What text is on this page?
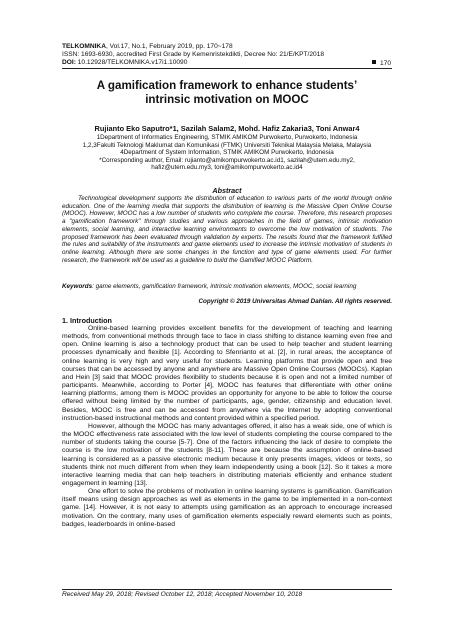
TELKOMNIKA, Vol.17, No.1, February 2019, pp. 170~178
ISSN: 1693-6930, accredited First Grade by Kemenristekdikti, Decree No: 21/E/KPT/2018
DOI: 10.12928/TELKOMNIKA.v17i1.10090	170
A gamification framework to enhance students’
intrinsic motivation on MOOC
Rujianto Eko Saputro*1, Sazilah Salam2, Mohd. Hafiz Zakaria3, Toni Anwar4
1Department of Informatics Engineering, STMIK AMIKOM Purwokerto, Purwokerto, Indonesia
1,2,3Fakulti Teknologi Maklumat dan Komunikasi (FTMK) Universiti Teknikal Malaysia Melaka, Malaysia
4Department of System Information, STMIK AMIKOM Purwokerto, Indonesia
*Corresponding author, Email: rujianto@amikompurwokerto.ac.id1, sazilah@utem.edu.my2,
hafiz@utem.edu.my3, toni@amikompurwokerto.ac.id4
Abstract

Technological development supports the distribution of education to various parts of the world through online education. One of the learning media that supports the distribution of learning is the Massive Open Online Course (MOOC). However, MOOC has a low number of students who complete the course. Therefore, this research proposes a "gamification framework" through studies and various approaches in the field of games, intrinsic motivation elements, social learning, and interactive learning environments to overcome the low motivation of students. The proposed framework has been evaluated through validation by experts. The results found that the framework fulfilled the rules and suitability of the instruments and game elements used to increase the intrinsic motivation of students in online learning. Although there are some changes in the function and type of game elements used. For further research, the framework will be used as a guideline to build the Gamified MOOC Platform.

Keywords: game elements, gamification framework, intrinsic motivation elements, MOOC, social learning
Copyright © 2019 Universitas Ahmad Dahlan. All rights reserved.
1. Introduction

Online-based learning provides excellent benefits for the development of teaching and learning methods, from conventional methods through face to face in class shifting to distance learning even free and open. Online learning is also a technology product that can be used to help teacher and student learning processes dynamically and flexible [1]. According to Sfenrianto et al. [2], in rural areas, the acceptance of online learning is very high and very useful for students. Learning platforms that provide open and free courses that can be accessed by anyone and anywhere are Massive Open Online Courses (MOOCs). Kaplan and Hein [3] said that MOOC provides flexibility to students because it is open and not a limited number of participants. Meanwhile, according to Porter [4], MOOC has features that differentiate with other online learning platforms, among them is MOOC provides an opportunity for anyone to be able to follow the course offered without being limited by the number of participants, age, gender, citizenship and education level. Besides, MOOC is free and can be accessed from anywhere via the Internet by adopting conventional instruction-based instructional methods and content provided within a specified period.

However, although the MOOC has many advantages offered, it also has a weak side, one of which is the MOOC effectiveness rate associated with the low level of students completing the course compared to the number of students taking the course [5-7]. One of the factors influencing the lack of desire to complete the course is the low motivation of the students [8-11]. These are because the assumption of online-based learning is considered as a passive electronic medium because it only presents images, videos or texts, so students think not much different from when they learn independently using a book [12]. So it takes a more interactive learning media that can help teachers in distributing materials efficiently and enhance student engagement in learning [13].

One effort to solve the problems of motivation in online learning systems is gamification. Gamification itself means using design approaches as well as elements in the game to be implemented in a non-context game. [14]. However, it is not easy to attempts using gamification as an approach to encourage increased motivation. On the contrary, many uses of gamification elements especially reward elements such as points, badges, leaderboards in online-based

Received May 29, 2018; Revised October 12, 2018; Accepted November 10, 2018
